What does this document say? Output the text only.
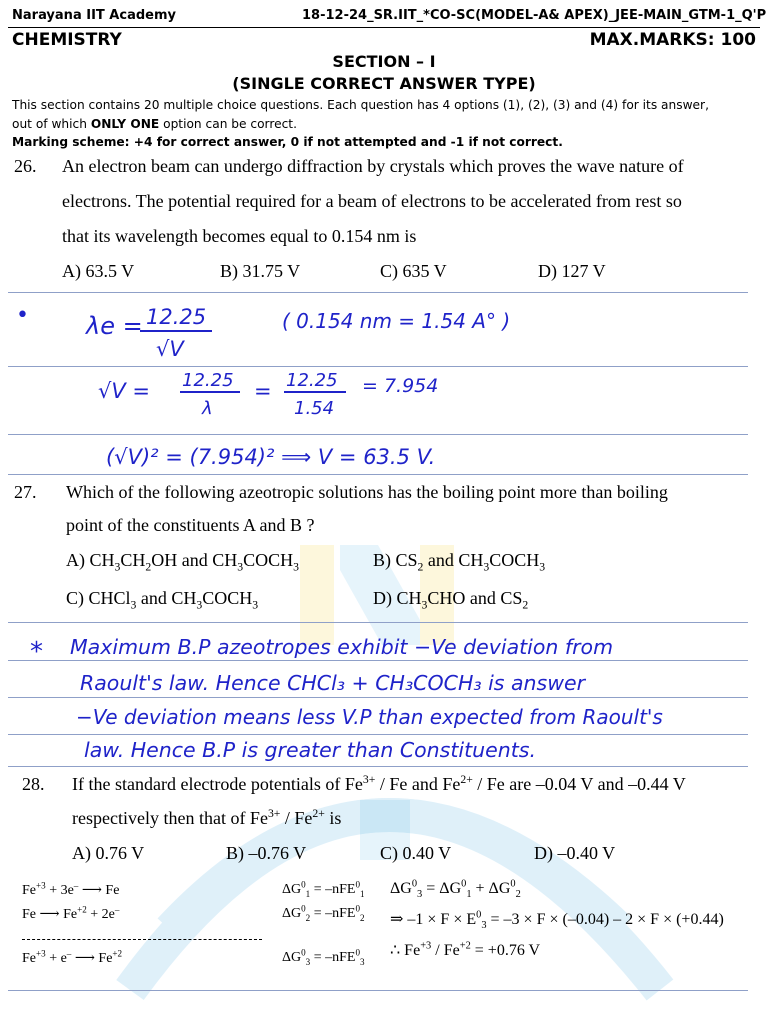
Narayana IIT Academy	18-12-24_SR.IIT_*CO-SC(MODEL-A& APEX)_JEE-MAIN_GTM-1_Q'P
CHEMISTRY	MAX.MARKS: 100
SECTION – I
(SINGLE CORRECT ANSWER TYPE)
This section contains 20 multiple choice questions. Each question has 4 options (1), (2), (3) and (4) for its answer,
out of which ONLY ONE option can be correct.
Marking scheme: +4 for correct answer, 0 if not attempted and -1 if not correct.
26. An electron beam can undergo diffraction by crystals which proves the wave nature of
electrons. The potential required for a beam of electrons to be accelerated from rest so
that its wavelength becomes equal to 0.154 nm is
A) 63.5 V	B) 31.75 V	C) 635 V	D) 127 V
• λe = 12.25
√V
( 0.154 nm = 1.54 A° )
√V = 12.25
λ
= 12.25
1.54
= 7.954
(√V)² = (7.954)² ⟹ V = 63.5 V.
27. Which of the following azeotropic solutions has the boiling point more than boiling
point of the constituents A and B ?
A) $CH_3CH_2OH$ and $CH_3COCH_3$	B) $CS_2$ and $CH_3COCH_3$
C) CHCl$_3$ and $CH_3COCH_3$	D) $CH_3CHO$ and $CS_2$
* Maximum B.P azeotropes exhibit −Ve deviation from
Raoult's law. Hence CHCl₃ + CH₃COCH₃ is answer
−Ve deviation means less V.P than expected from Raoult's
law. Hence B.P is greater than Constituents.
28. If the standard electrode potentials of $Fe^{3+}$ / Fe and $Fe^{2+}$ / Fe are –0.04 V and –0.44 V
respectively then that of $Fe^{3+} / Fe^{2+}$ is
A) 0.76 V	B) –0.76 V	C) 0.40 V	D) –0.40 V
$Fe^{+3} + 3e^-$ ⟶ Fe
Fe ⟶ $Fe^{+2} + 2e^-$
$Fe^{+3} + e^-$ ⟶ $Fe^{+2}$
$\Delta G^0_1 = -nFE^0_1$
$\Delta G^0_2 = -nFE^0_2$
$\Delta G^0_3 = -nFE^0_3$
$\Delta G^0_3 = \Delta G^0_1 + \Delta G^0_2$
⇒ $-1 \times F \times E^0_3 = -3 \times F \times (-0.04) - 2 \times F \times (+0.44)$
∴ $Fe^{+3} / Fe^{+2} = +0.76$ V
